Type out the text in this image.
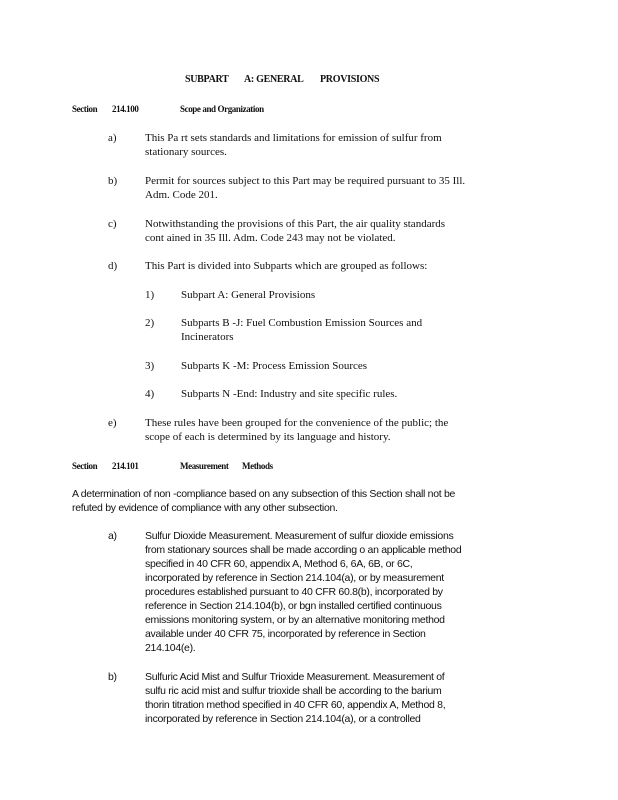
SUBPART A: GENERAL PROVISIONS
Section 214.100	Scope and Organization
a)	This Pa rt sets standards and limitations for emission of sulfur from
stationary sources.
b)	Permit for sources subject to this Part may be required pursuant to 35 Ill.
Adm. Code 201.
c)	Notwithstanding the provisions of this Part, the air quality standards
cont ained in 35 Ill. Adm. Code 243 may not be violated.
d)	This Part is divided into Subparts which are grouped as follows:
1) Subpart A: General Provisions
2) Subparts B -J: Fuel Combustion Emission Sources and
Incinerators
3) Subparts K -M: Process Emission Sources
4) Subparts N -End: Industry and site specific rules.
e)	These rules have been grouped for the convenience of the public; the
scope of each is determined by its language and history.
Section 214.101	Measurement Methods
A determination of non -compliance based on any subsection of this Section shall not be
refuted by evidence of compliance with any other subsection.
a)	Sulfur Dioxide Measurement. Measurement of sulfur dioxide emissions
from stationary sources shall be made according o an applicable method
specified in 40 CFR 60, appendix A, Method 6, 6A, 6B, or 6C,
incorporated by reference in Section 214.104(a), or by measurement
procedures established pursuant to 40 CFR 60.8(b), incorporated by
reference in Section 214.104(b), or bgn installed certified continuous
emissions monitoring system, or by an alternative monitoring method
available under 40 CFR 75, incorporated by reference in Section
214.104(e).
b)	Sulfuric Acid Mist and Sulfur Trioxide Measurement. Measurement of
sulfu ric acid mist and sulfur trioxide shall be according to the barium
thorin titration method specified in 40 CFR 60, appendix A, Method 8,
incorporated by reference in Section 214.104(a), or a controlled
